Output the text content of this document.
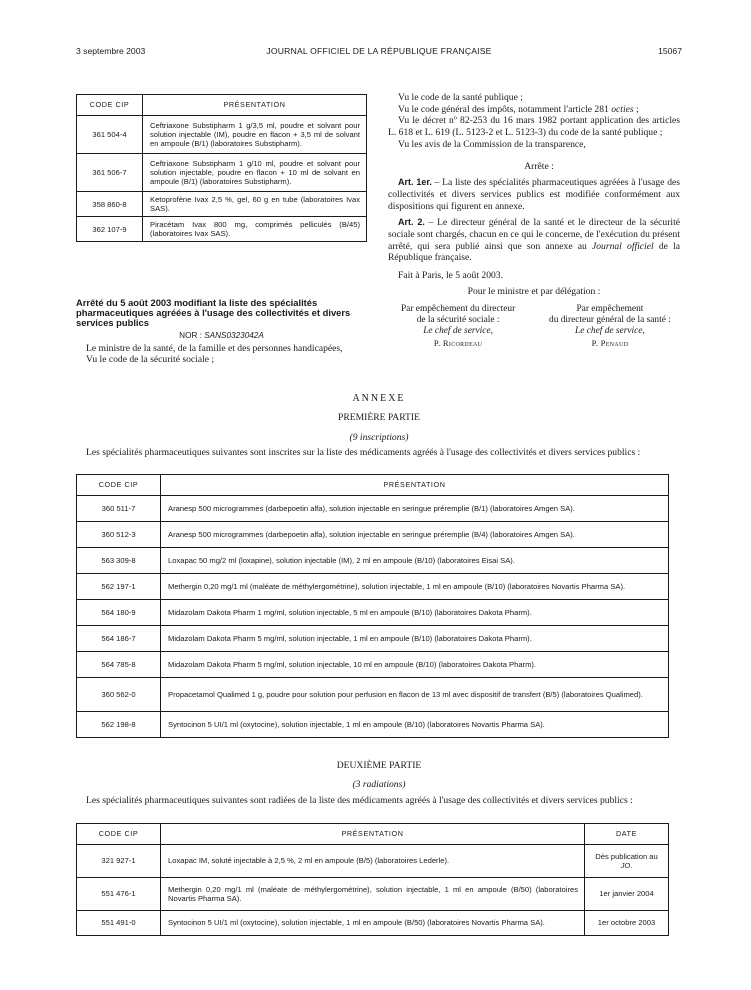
3 septembre 2003	JOURNAL OFFICIEL DE LA RÉPUBLIQUE FRANÇAISE	15067
CODE CIP	PRÉSENTATION
361 504-4	Ceftriaxone Substipharm 1 g/3,5 ml, poudre et solvant pour solution injectable (IM), poudre en flacon + 3,5 ml de solvant en ampoule (B/1) (laboratoires Substipharm).
361 506-7	Ceftriaxone Substipharm 1 g/10 ml, poudre et solvant pour solution injectable, poudre en flacon + 10 ml de solvant en ampoule (B/1) (laboratoires Substipharm).
358 860-8	Ketoprofène Ivax 2,5 %, gel, 60 g en tube (laboratoires Ivax SAS).
362 107-9	Piracétam Ivax 800 mg, comprimés pelliculés (B/45) (laboratoires Ivax SAS).
Arrêté du 5 août 2003 modifiant la liste des spécialités pharmaceutiques agréées à l'usage des collectivités et divers services publics
NOR : SANS0323042A

Le ministre de la santé, de la famille et des personnes handicapées,

Vu le code de la sécurité sociale ;

Vu le code de la santé publique ;

Vu le code général des impôts, notamment l'article 281 octies ;

Vu le décret nº 82-253 du 16 mars 1982 portant application des articles L. 618 et L. 619 (L. 5123-2 et L. 5123-3) du code de la santé publique ;

Vu les avis de la Commission de la transparence,

Arrête :

Art. 1er. – La liste des spécialités pharmaceutiques agréées à l'usage des collectivités et divers services publics est modifiée conformément aux dispositions qui figurent en annexe.

Art. 2. – Le directeur général de la santé et le directeur de la sécurité sociale sont chargés, chacun en ce qui le concerne, de l'exécution du présent arrêté, qui sera publié ainsi que son annexe au Journal officiel de la République française.

Fait à Paris, le 5 août 2003.

Pour le ministre et par délégation :

Par empêchement du directeur
de la sécurité sociale :
Le chef de service,
P. Ricordeau
Par empêchement
du directeur général de la santé :
Le chef de service,
P. Penaud
ANNEXE
PREMIÈRE PARTIE
(9 inscriptions)

Les spécialités pharmaceutiques suivantes sont inscrites sur la liste des médicaments agréés à l'usage des collectivités et divers services publics :

CODE CIP	PRÉSENTATION
360 511-7	Aranesp 500 microgrammes (darbepoetin alfa), solution injectable en seringue préremplie (B/1) (laboratoires Amgen SA).
360 512-3	Aranesp 500 microgrammes (darbepoetin alfa), solution injectable en seringue préremplie (B/4) (laboratoires Amgen SA).
563 309-8	Loxapac 50 mg/2 ml (loxapine), solution injectable (IM), 2 ml en ampoule (B/10) (laboratoires Eisai SA).
562 197-1	Methergin 0,20 mg/1 ml (maléate de méthylergométrine), solution injectable, 1 ml en ampoule (B/10) (laboratoires Novartis Pharma SA).
564 180-9	Midazolam Dakota Pharm 1 mg/ml, solution injectable, 5 ml en ampoule (B/10) (laboratoires Dakota Pharm).
564 186-7	Midazolam Dakota Pharm 5 mg/ml, solution injectable, 1 ml en ampoule (B/10) (laboratoires Dakota Pharm).
564 785-8	Midazolam Dakota Pharm 5 mg/ml, solution injectable, 10 ml en ampoule (B/10) (laboratoires Dakota Pharm).
360 562-0	Propacetamol Qualimed 1 g, poudre pour solution pour perfusion en flacon de 13 ml avec dispositif de transfert (B/5) (laboratoires Qualimed).
562 198-8	Syntocinon 5 UI/1 ml (oxytocine), solution injectable, 1 ml en ampoule (B/10) (laboratoires Novartis Pharma SA).
DEUXIÈME PARTIE
(3 radiations)

Les spécialités pharmaceutiques suivantes sont radiées de la liste des médicaments agréés à l'usage des collectivités et divers services publics :

CODE CIP	PRÉSENTATION	DATE
321 927-1	Loxapac IM, soluté injectable à 2,5 %, 2 ml en ampoule (B/5) (laboratoires Lederle).	Dès publication au JO.
551 476-1	Methergin 0,20 mg/1 ml (maléate de méthylergométrine), solution injectable, 1 ml en ampoule (B/50) (laboratoires Novartis Pharma SA).	1er janvier 2004
551 491-0	Syntocinon 5 UI/1 ml (oxytocine), solution injectable, 1 ml en ampoule (B/50) (laboratoires Novartis Pharma SA).	1er octobre 2003
